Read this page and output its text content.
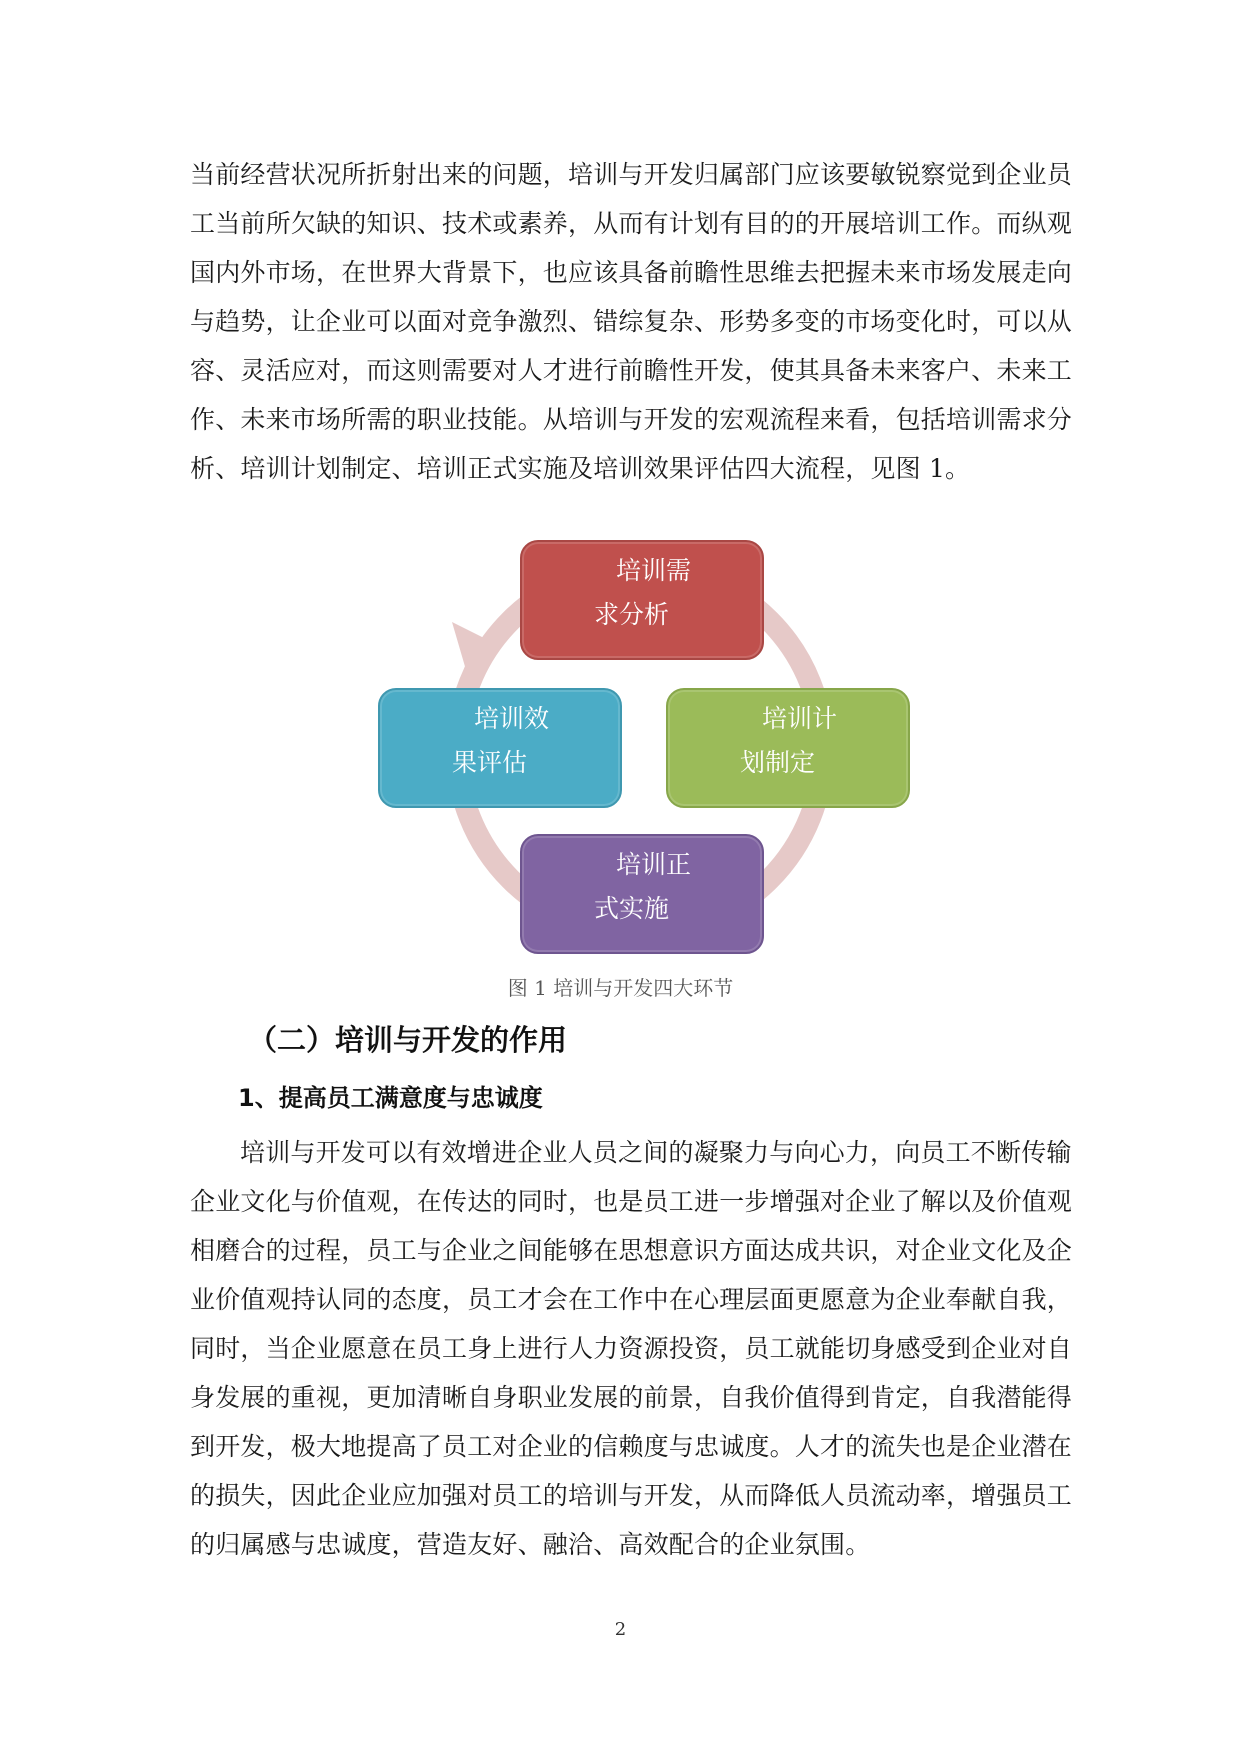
当前经营状况所折射出来的问题，培训与开发归属部门应该要敏锐察觉到企业员
工当前所欠缺的知识、技术或素养，从而有计划有目的的开展培训工作。而纵观
国内外市场，在世界大背景下，也应该具备前瞻性思维去把握未来市场发展走向
与趋势，让企业可以面对竞争激烈、错综复杂、形势多变的市场变化时，可以从
容、灵活应对，而这则需要对人才进行前瞻性开发，使其具备未来客户、未来工
作、未来市场所需的职业技能。从培训与开发的宏观流程来看，包括培训需求分
析、培训计划制定、培训正式实施及培训效果评估四大流程，见图 1。
培训需
求分析
培训计
划制定
培训效
果评估
培训正
式实施
图 1 培训与开发四大环节
（二）培训与开发的作用
1、提高员工满意度与忠诚度
培训与开发可以有效增进企业人员之间的凝聚力与向心力，向员工不断传输
企业文化与价值观，在传达的同时，也是员工进一步增强对企业了解以及价值观
相磨合的过程，员工与企业之间能够在思想意识方面达成共识，对企业文化及企
业价值观持认同的态度，员工才会在工作中在心理层面更愿意为企业奉献自我，
同时，当企业愿意在员工身上进行人力资源投资，员工就能切身感受到企业对自
身发展的重视，更加清晰自身职业发展的前景，自我价值得到肯定，自我潜能得
到开发，极大地提高了员工对企业的信赖度与忠诚度。人才的流失也是企业潜在
的损失，因此企业应加强对员工的培训与开发，从而降低人员流动率，增强员工
的归属感与忠诚度，营造友好、融洽、高效配合的企业氛围。
2
